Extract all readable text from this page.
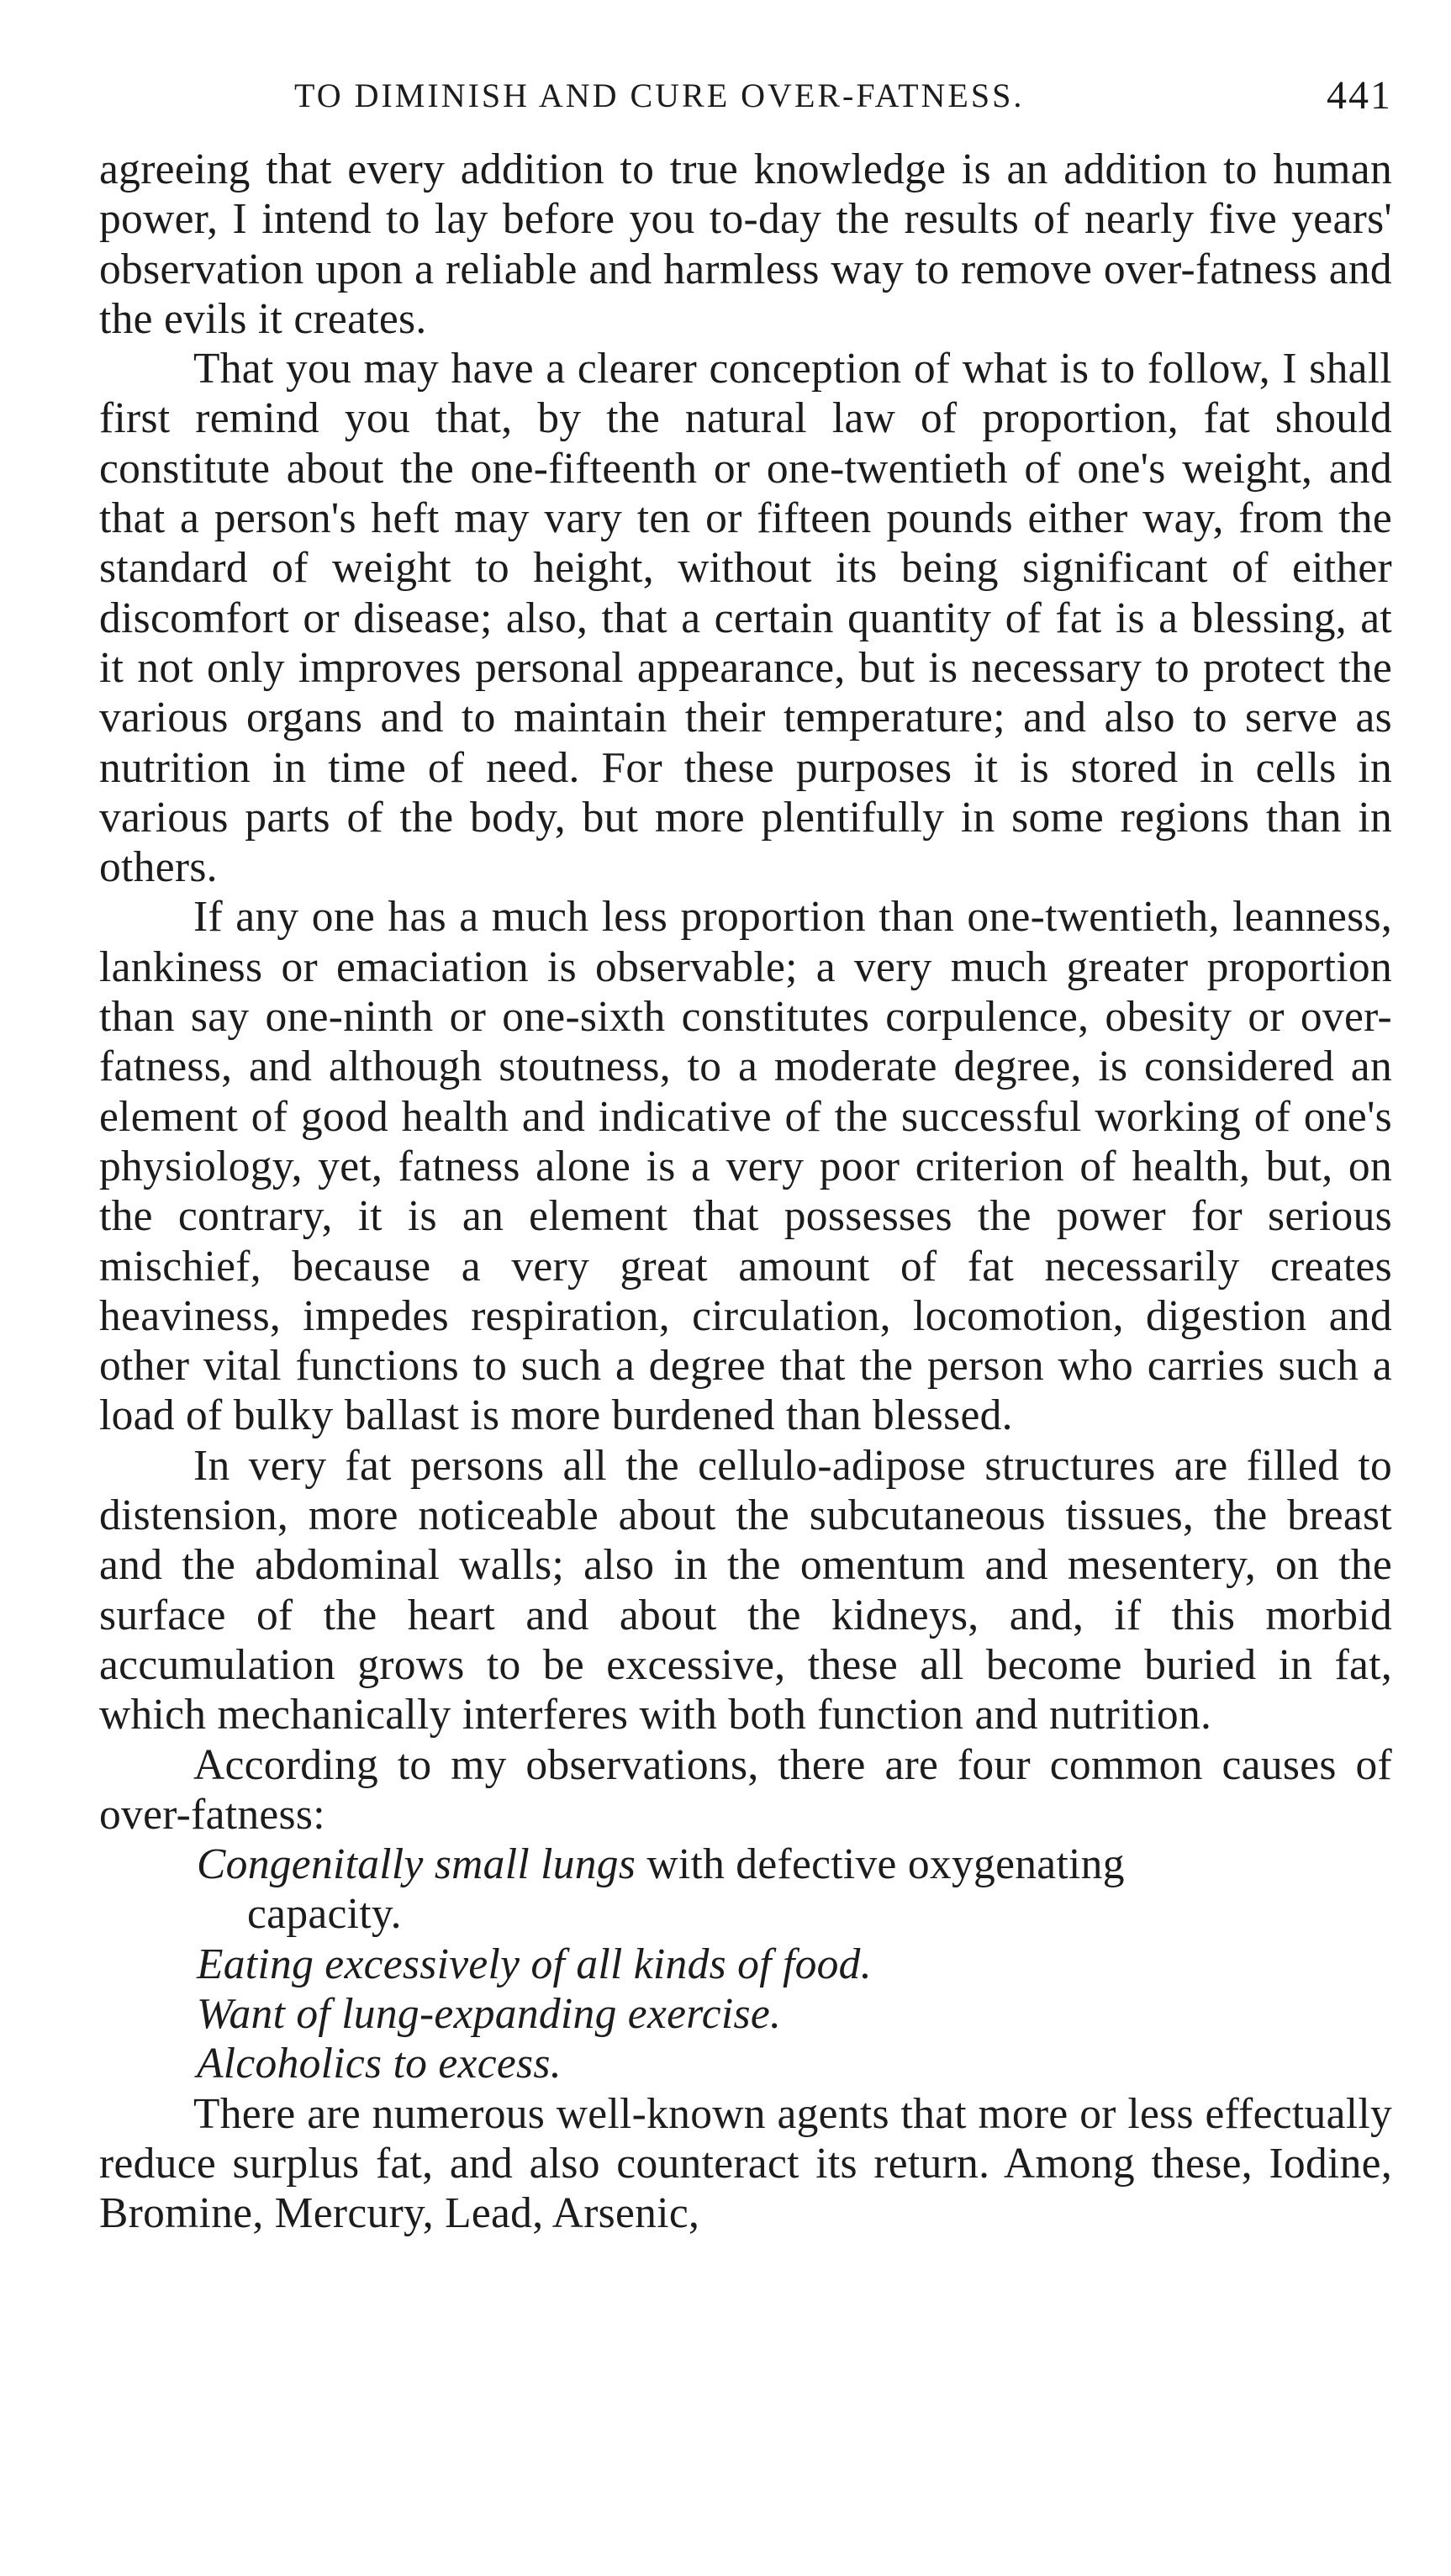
TO DIMINISH AND CURE OVER-FATNESS.	441

agreeing that every addition to true knowledge is an addition to human power, I intend to lay before you to-day the results of nearly five years' observation upon a reliable and harmless way to remove over-fatness and the evils it creates.

That you may have a clearer conception of what is to follow, I shall first remind you that, by the natural law of proportion, fat should constitute about the one-fifteenth or one-twentieth of one's weight, and that a person's heft may vary ten or fifteen pounds either way, from the standard of weight to height, without its being significant of either discomfort or disease; also, that a certain quantity of fat is a blessing, at it not only improves personal appearance, but is necessary to protect the various organs and to maintain their temperature; and also to serve as nutrition in time of need. For these purposes it is stored in cells in various parts of the body, but more plentifully in some regions than in others.

If any one has a much less proportion than one-twentieth, leanness, lankiness or emaciation is observable; a very much greater proportion than say one-ninth or one-sixth constitutes corpulence, obesity or over-fatness, and although stoutness, to a moderate degree, is considered an element of good health and indicative of the successful working of one's physiology, yet, fatness alone is a very poor criterion of health, but, on the contrary, it is an element that possesses the power for serious mischief, because a very great amount of fat necessarily creates heaviness, impedes respiration, circulation, locomotion, digestion and other vital functions to such a degree that the person who carries such a load of bulky ballast is more burdened than blessed.

In very fat persons all the cellulo-adipose structures are filled to distension, more noticeable about the subcutaneous tissues, the breast and the abdominal walls; also in the omentum and mesentery, on the surface of the heart and about the kidneys, and, if this morbid accumulation grows to be excessive, these all become buried in fat, which mechanically interferes with both function and nutrition.

According to my observations, there are four common causes of over-fatness:

Congenitally small lungs with defective oxygenating
capacity.
Eating excessively of all kinds of food.
Want of lung-expanding exercise.
Alcoholics to excess.

There are numerous well-known agents that more or less effectually reduce surplus fat, and also counteract its return. Among these, Iodine, Bromine, Mercury, Lead, Arsenic,
